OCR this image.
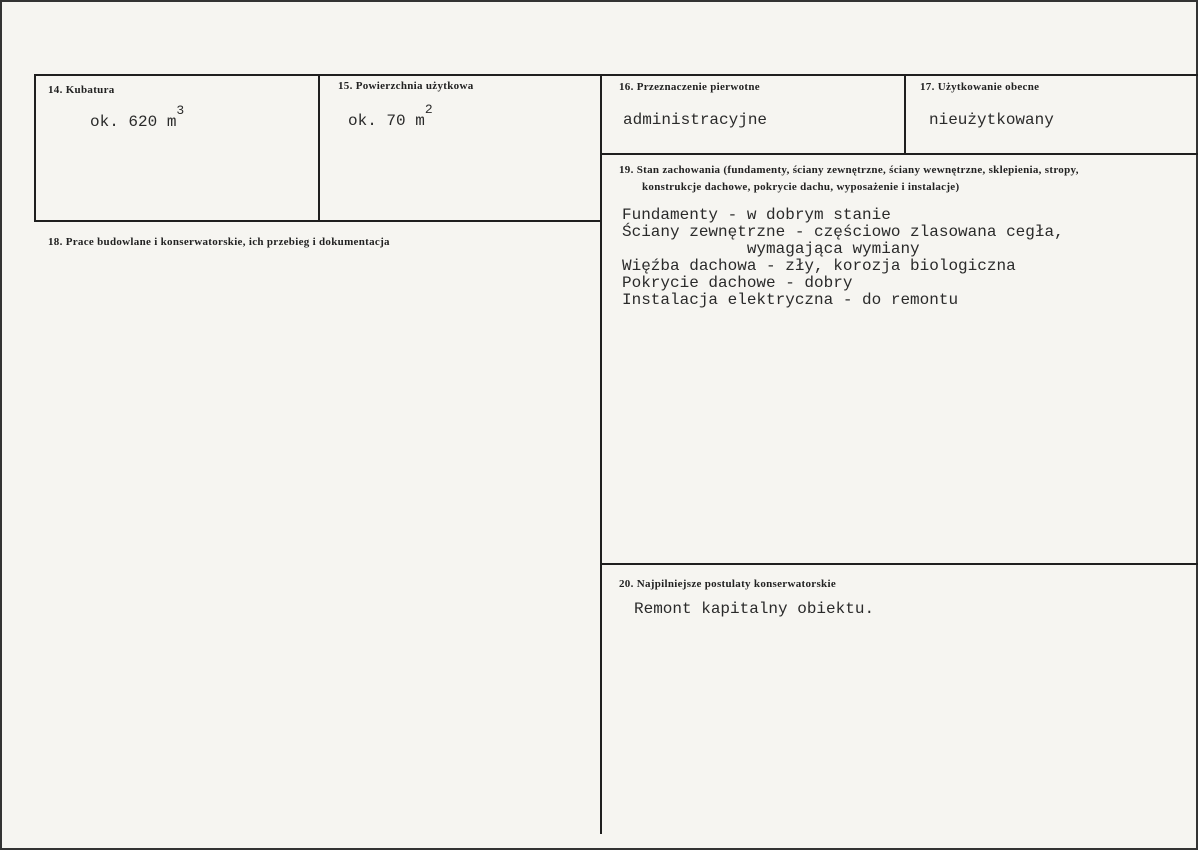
14. Kubatura
ok. 620 $m^3$
15. Powierzchnia użytkowa
ok. 70 $m^2$
16. Przeznaczenie pierwotne
administracyjne
17. Użytkowanie obecne
nieużytkowany
18. Prace budowlane i konserwatorskie, ich przebieg i dokumentacja
19. Stan zachowania (fundamenty, ściany zewnętrzne, ściany wewnętrzne, sklepienia, stropy,
konstrukcje dachowe, pokrycie dachu, wyposażenie i instalacje)
Fundamenty - w dobrym stanie
Ściany zewnętrzne - częściowo zlasowana cegła,
wymagająca wymiany
Więźba dachowa - zły, korozja biologiczna
Pokrycie dachowe - dobry
Instalacja elektryczna - do remontu
20. Najpilniejsze postulaty konserwatorskie
Remont kapitalny obiektu.
